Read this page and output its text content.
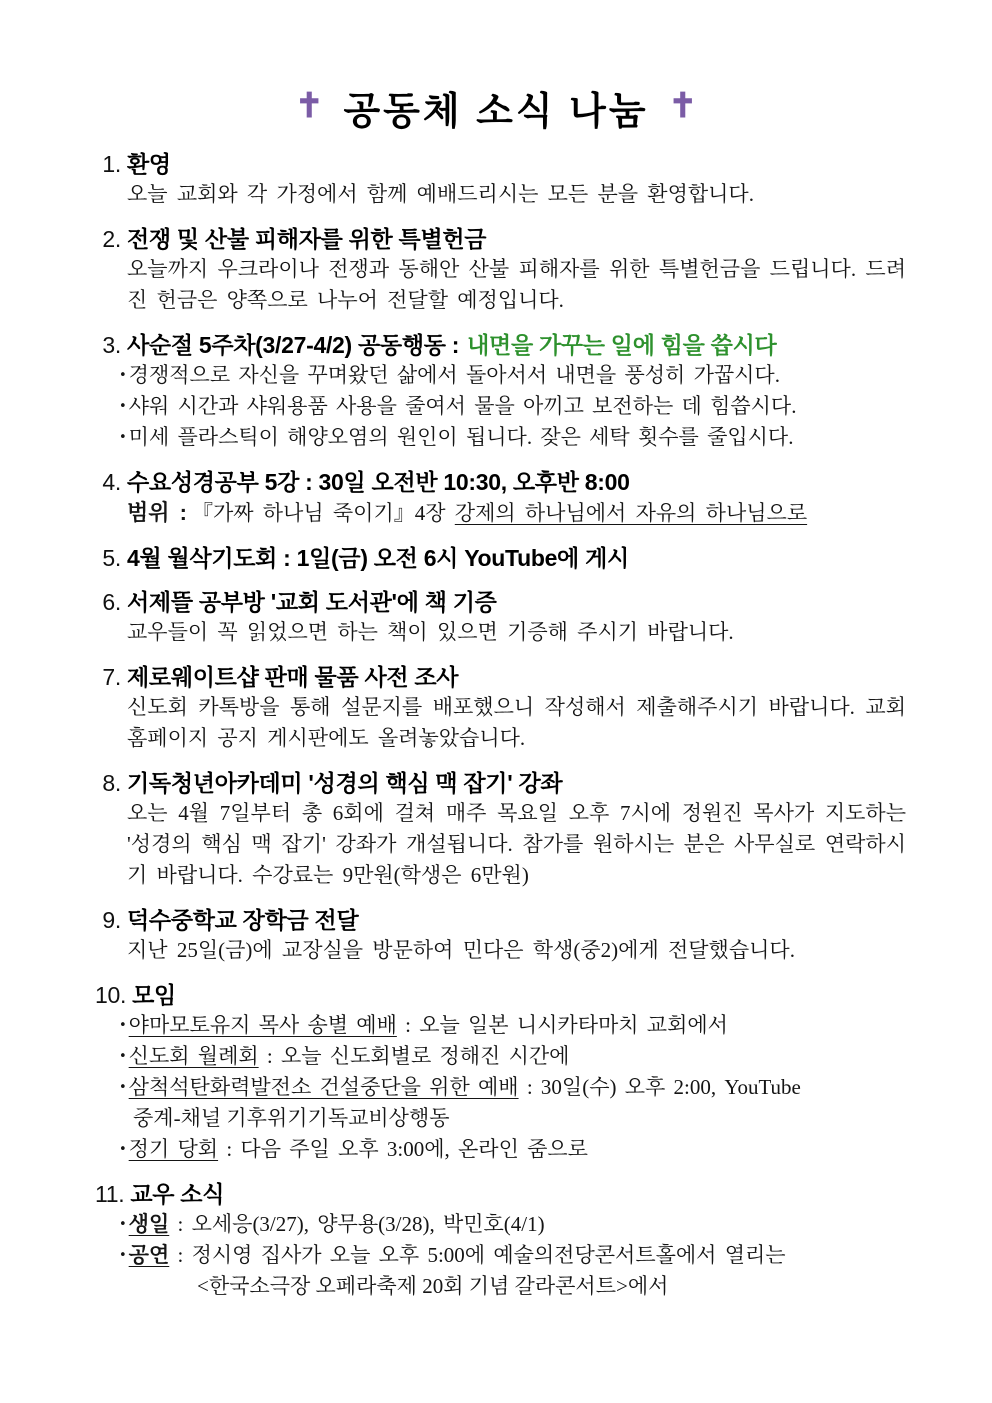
✝ 공동체 소식 나눔 ✝
1. 환영

오늘 교회와 각 가정에서 함께 예배드리시는 모든 분을 환영합니다.

2. 전쟁 및 산불 피해자를 위한 특별헌금

오늘까지 우크라이나 전쟁과 동해안 산불 피해자를 위한 특별헌금을 드립니다. 드려진 헌금은 양쪽으로 나누어 전달할 예정입니다.

3. 사순절 5주차(3/27-4/2) 공동행동 : 내면을 가꾸는 일에 힘을 씁시다

•경쟁적으로 자신을 꾸며왔던 삶에서 돌아서서 내면을 풍성히 가꿉시다.

•샤워 시간과 샤워용품 사용을 줄여서 물을 아끼고 보전하는 데 힘씁시다.

•미세 플라스틱이 해양오염의 원인이 됩니다. 잦은 세탁 횟수를 줄입시다.

4. 수요성경공부 5강 : 30일 오전반 10:30, 오후반 8:00

범위 : 『가짜 하나님 죽이기』4장 강제의 하나님에서 자유의 하나님으로

5. 4월 월삭기도회 : 1일(금) 오전 6시 YouTube에 게시
6. 서제뜰 공부방 '교회 도서관'에 책 기증

교우들이 꼭 읽었으면 하는 책이 있으면 기증해 주시기 바랍니다.

7. 제로웨이트샵 판매 물품 사전 조사

신도회 카톡방을 통해 설문지를 배포했으니 작성해서 제출해주시기 바랍니다. 교회 홈페이지 공지 게시판에도 올려놓았습니다.

8. 기독청년아카데미 '성경의 핵심 맥 잡기' 강좌

오는 4월 7일부터 총 6회에 걸쳐 매주 목요일 오후 7시에 정원진 목사가 지도하는 '성경의 핵심 맥 잡기' 강좌가 개설됩니다. 참가를 원하시는 분은 사무실로 연락하시기 바랍니다. 수강료는 9만원(학생은 6만원)

9. 덕수중학교 장학금 전달

지난 25일(금)에 교장실을 방문하여 민다은 학생(중2)에게 전달했습니다.

10. 모임

•야마모토유지 목사 송별 예배 : 오늘 일본 니시카타마치 교회에서

•신도회 월례회 : 오늘 신도회별로 정해진 시간에

•삼척석탄화력발전소 건설중단을 위한 예배 : 30일(수) 오후 2:00, YouTube

중계-채널 기후위기기독교비상행동

•정기 당회 : 다음 주일 오후 3:00에, 온라인 줌으로

11. 교우 소식

•생일 : 오세응(3/27), 양무용(3/28), 박민호(4/1)

•공연 : 정시영 집사가 오늘 오후 5:00에 예술의전당콘서트홀에서 열리는

<한국소극장 오페라축제 20회 기념 갈라콘서트>에서
